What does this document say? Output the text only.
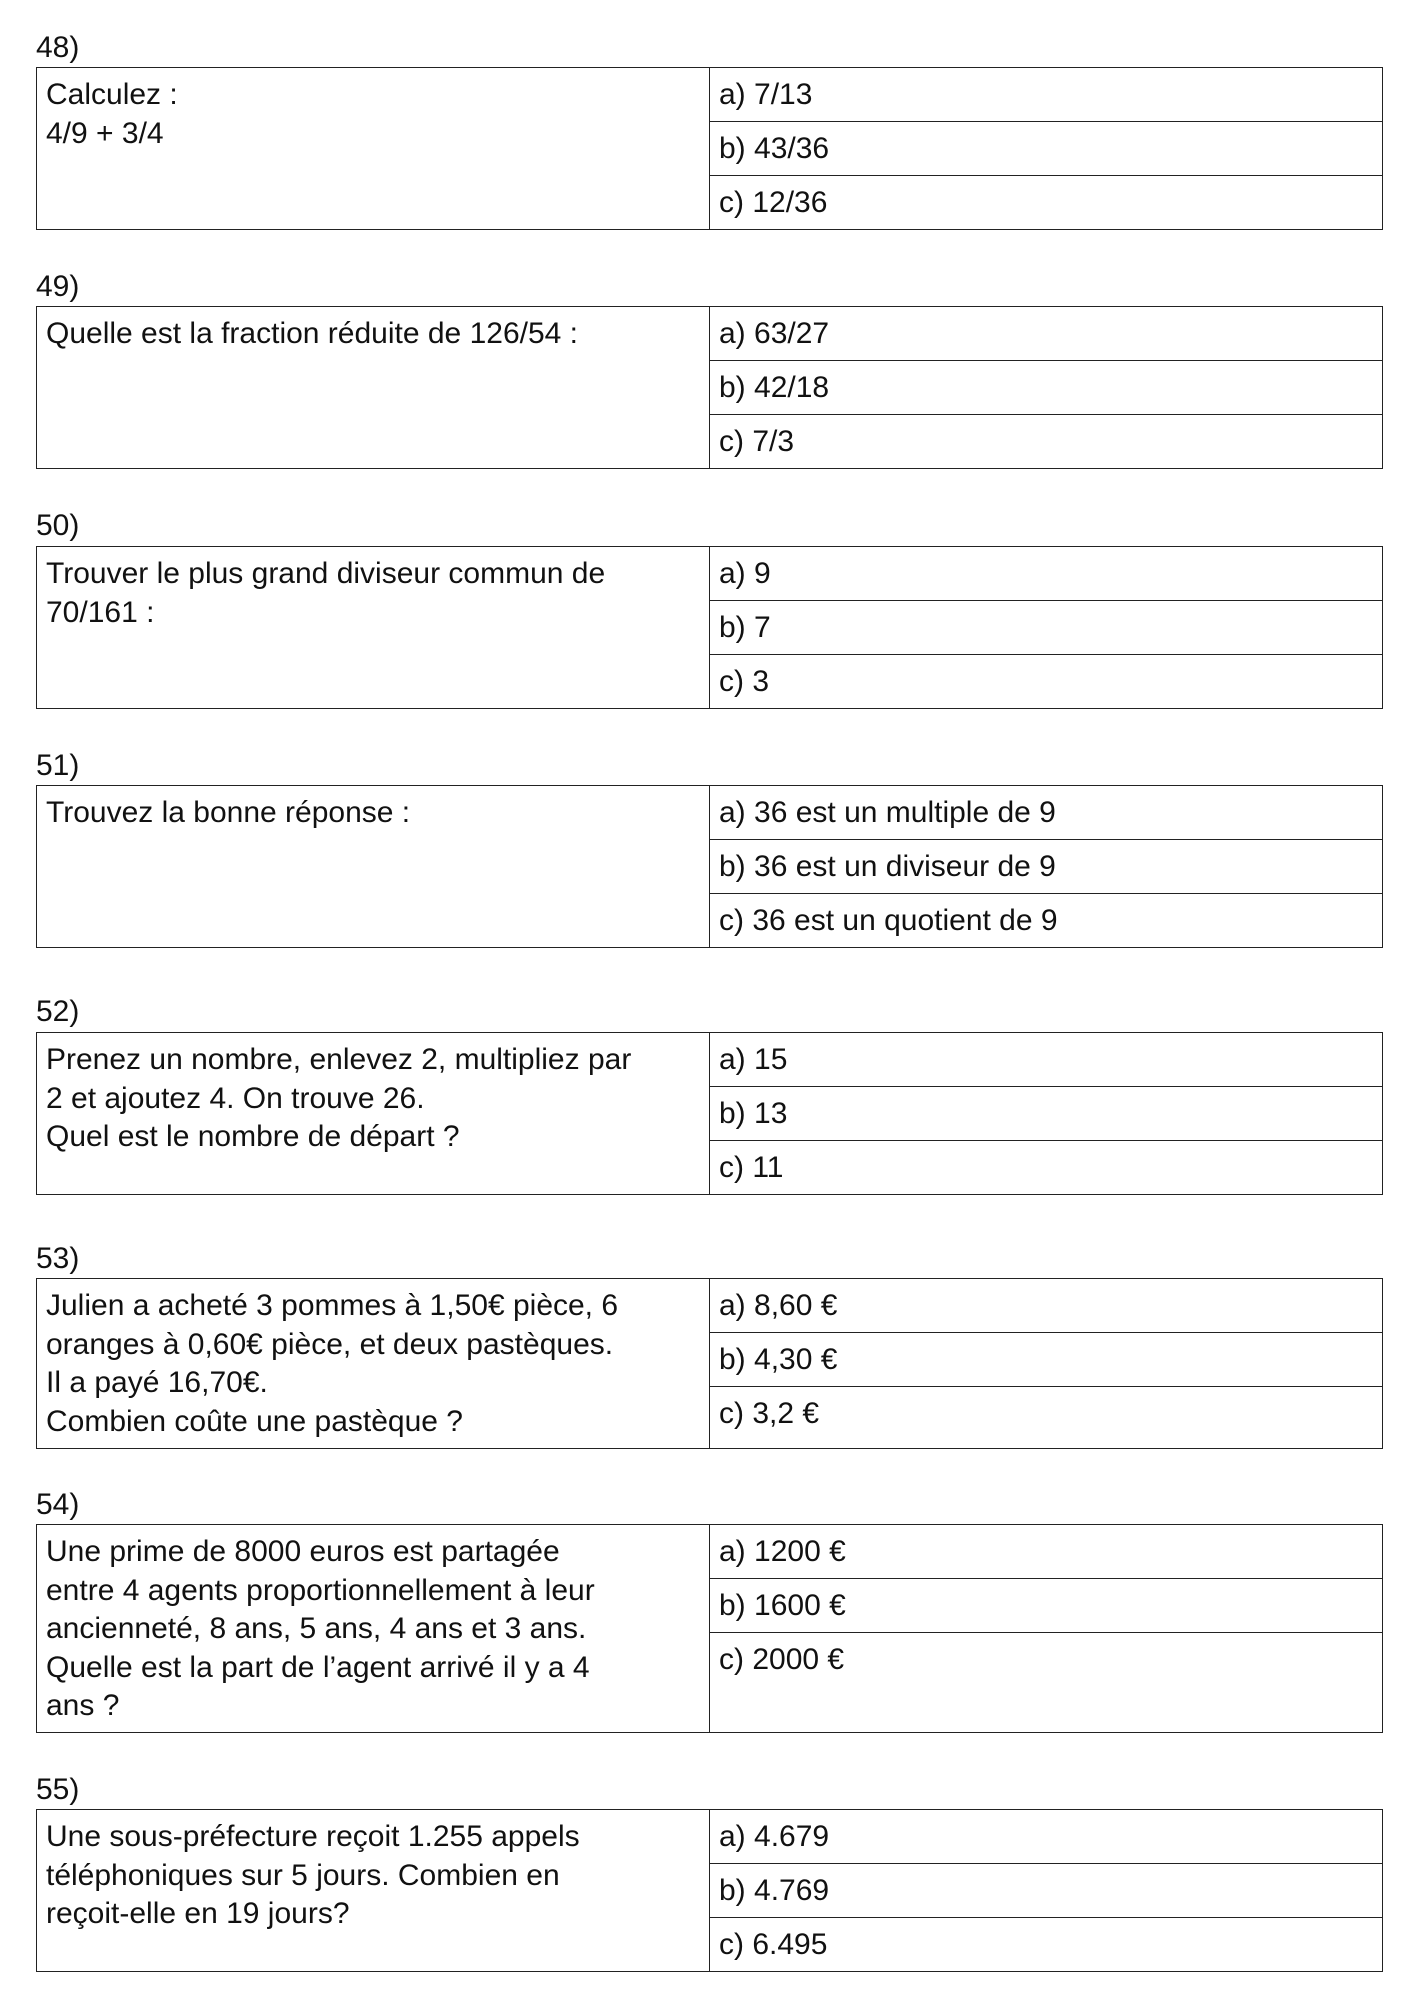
48)
Calculez :
4/9 + 3/4
a) 7/13
b) 43/36
c) 12/36
49)
Quelle est la fraction réduite de 126/54 :	a) 63/27
b) 42/18
c) 7/3
50)
Trouver le plus grand diviseur commun de
70/161 :
a) 9
b) 7
c) 3
51)
Trouvez la bonne réponse :	a) 36 est un multiple de 9
b) 36 est un diviseur de 9
c) 36 est un quotient de 9
52)
Prenez un nombre, enlevez 2, multipliez par
2 et ajoutez 4. On trouve 26.
Quel est le nombre de départ ?
a) 15
b) 13
c) 11
53)
Julien a acheté 3 pommes à 1,50€ pièce, 6
oranges à 0,60€ pièce, et deux pastèques.
Il a payé 16,70€.
Combien coûte une pastèque ?
a) 8,60 €
b) 4,30 €
c) 3,2 €
54)
Une prime de 8000 euros est partagée
entre 4 agents proportionnellement à leur
ancienneté, 8 ans, 5 ans, 4 ans et 3 ans.
Quelle est la part de l’agent arrivé il y a 4
ans ?
a) 1200 €
b) 1600 €
c) 2000 €
55)
Une sous-préfecture reçoit 1.255 appels
téléphoniques sur 5 jours. Combien en
reçoit-elle en 19 jours?
a) 4.679
b) 4.769
c) 6.495
